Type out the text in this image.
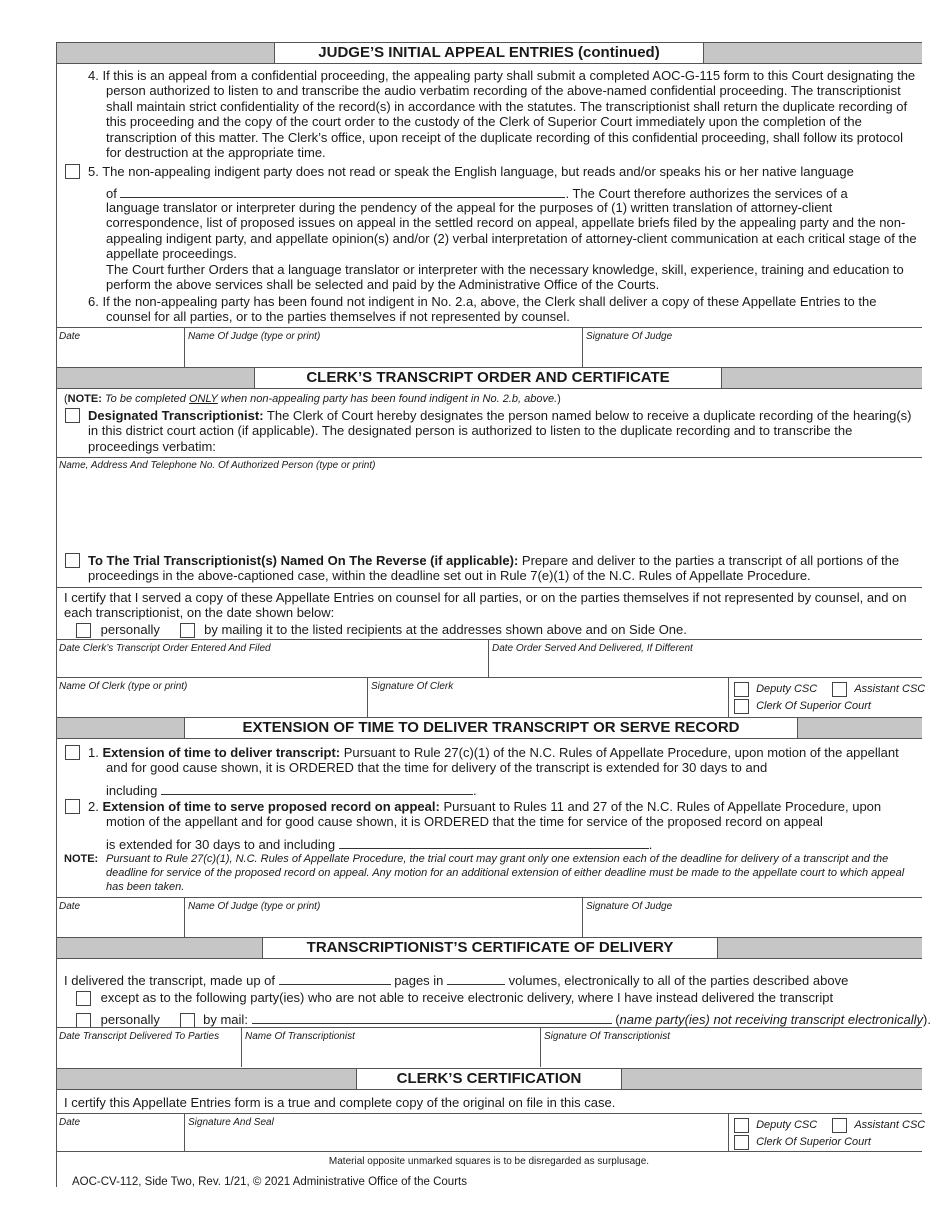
JUDGE’S INITIAL APPEAL ENTRIES (continued)
4. If this is an appeal from a confidential proceeding, the appealing party shall submit a completed AOC-G-115 form to this Court designating the person authorized to listen to and transcribe the audio verbatim recording of the above-named confidential proceeding. The transcriptionist shall maintain strict confidentiality of the record(s) in accordance with the statutes. The transcriptionist shall return the duplicate recording of this proceeding and the copy of the court order to the custody of the Clerk of Superior Court immediately upon the completion of the transcription of this matter. The Clerk’s office, upon receipt of the duplicate recording of this confidential proceeding, shall follow its protocol for destruction at the appropriate time.
5. The non-appealing indigent party does not read or speak the English language, but reads and/or speaks his or her native language
of	. The Court therefore authorizes the services of a
language translator or interpreter during the pendency of the appeal for the purposes of (1) written translation of attorney-client correspondence, list of proposed issues on appeal in the settled record on appeal, appellate briefs filed by the appealing party and the non-appealing indigent party, and appellate opinion(s) and/or (2) verbal interpretation of attorney-client communication at each critical stage of the appellate proceedings.
The Court further Orders that a language translator or interpreter with the necessary knowledge, skill, experience, training and education to perform the above services shall be selected and paid by the Administrative Office of the Courts.
6. If the non-appealing party has been found not indigent in No. 2.a, above, the Clerk shall deliver a copy of these Appellate Entries to the counsel for all parties, or to the parties themselves if not represented by counsel.
Date	Name Of Judge (type or print)	Signature Of Judge
CLERK’S TRANSCRIPT ORDER AND CERTIFICATE
(NOTE: To be completed ONLY when non-appealing party has been found indigent in No. 2.b, above.)
Designated Transcriptionist: The Clerk of Court hereby designates the person named below to receive a duplicate recording of the hearing(s) in this district court action (if applicable). The designated person is authorized to listen to the duplicate recording and to transcribe the proceedings verbatim:
Name, Address And Telephone No. Of Authorized Person (type or print)
To The Trial Transcriptionist(s) Named On The Reverse (if applicable): Prepare and deliver to the parties a transcript of all portions of the proceedings in the above-captioned case, within the deadline set out in Rule 7(e)(1) of the N.C. Rules of Appellate Procedure.
I certify that I served a copy of these Appellate Entries on counsel for all parties, or on the parties themselves if not represented by counsel, and on each transcriptionist, on the date shown below:
personally	by mailing it to the listed recipients at the addresses shown above and on Side One.
Date Clerk’s Transcript Order Entered And Filed	Date Order Served And Delivered, If Different
Name Of Clerk (type or print)	Signature Of Clerk	Deputy CSC	Assistant CSC
Clerk Of Superior Court
EXTENSION OF TIME TO DELIVER TRANSCRIPT OR SERVE RECORD
1. Extension of time to deliver transcript: Pursuant to Rule 27(c)(1) of the N.C. Rules of Appellate Procedure, upon motion of the appellant and for good cause shown, it is ORDERED that the time for delivery of the transcript is extended for 30 days to and
including	.
2. Extension of time to serve proposed record on appeal: Pursuant to Rules 11 and 27 of the N.C. Rules of Appellate Procedure, upon motion of the appellant and for good cause shown, it is ORDERED that the time for service of the proposed record on appeal
is extended for 30 days to and including	.
NOTE: Pursuant to Rule 27(c)(1), N.C. Rules of Appellate Procedure, the trial court may grant only one extension each of the deadline for delivery of a transcript and the deadline for service of the proposed record on appeal. Any motion for an additional extension of either deadline must be made to the appellate court to which appeal has been taken.
Date	Name Of Judge (type or print)	Signature Of Judge
TRANSCRIPTIONIST’S CERTIFICATE OF DELIVERY
I delivered the transcript, made up of	pages in	volumes, electronically to all of the parties described above
except as to the following party(ies) who are not able to receive electronic delivery, where I have instead delivered the transcript
personally	by mail:	(name party(ies) not receiving transcript electronically).
Date Transcript Delivered To Parties	Name Of Transcriptionist	Signature Of Transcriptionist
CLERK’S CERTIFICATION
I certify this Appellate Entries form is a true and complete copy of the original on file in this case.
Date	Signature And Seal	Deputy CSC	Assistant CSC
Clerk Of Superior Court
Material opposite unmarked squares is to be disregarded as surplusage.
AOC-CV-112, Side Two, Rev. 1/21, © 2021 Administrative Office of the Courts
